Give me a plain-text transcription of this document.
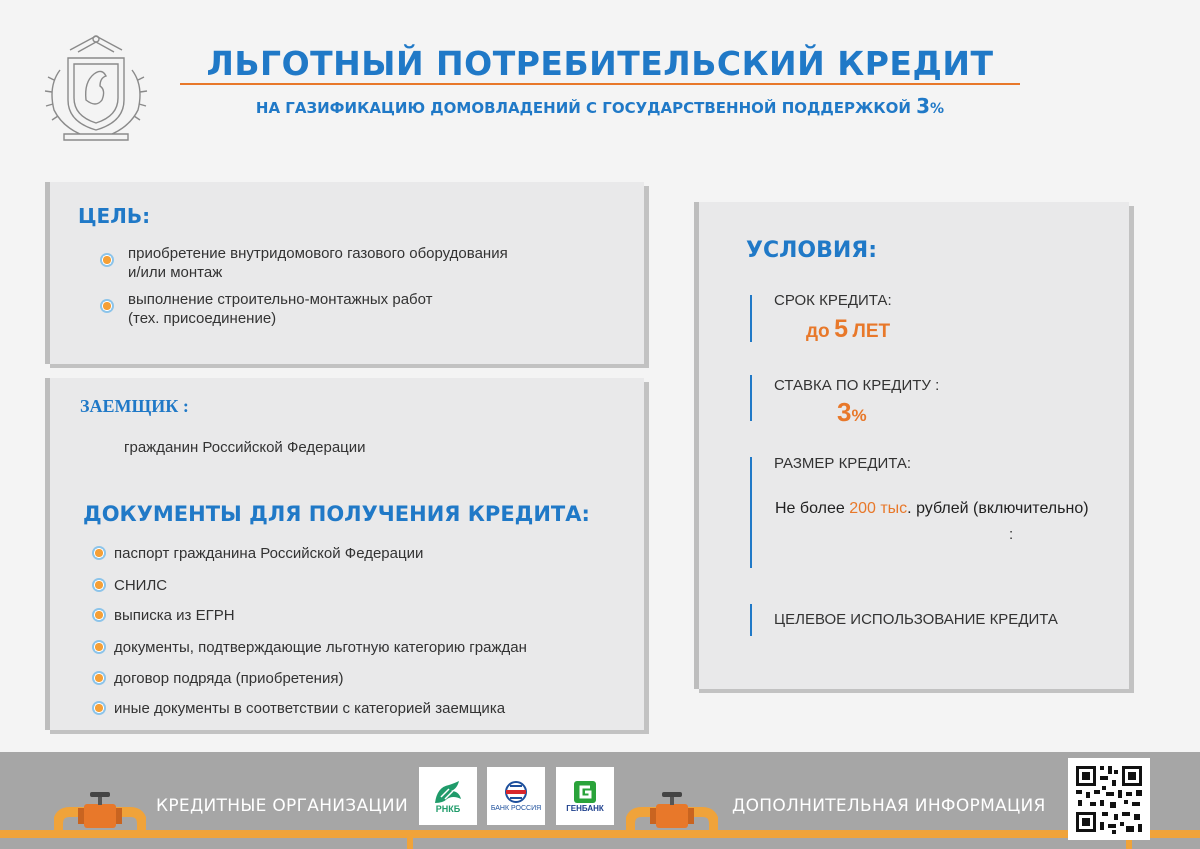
ЛЬГОТНЫЙ ПОТРЕБИТЕЛЬСКИЙ КРЕДИТ
НА ГАЗИФИКАЦИЮ ДОМОВЛАДЕНИЙ С ГОСУДАРСТВЕННОЙ ПОДДЕРЖКОЙ 3%
ЦЕЛЬ:
приобретение внутридомового газового оборудования
и/или монтаж
выполнение строительно-монтажных работ
(тех. присоединение)
ЗАЕМЩИК :
гражданин Российской Федерации
ДОКУМЕНТЫ ДЛЯ ПОЛУЧЕНИЯ КРЕДИТА:
паспорт гражданина Российской Федерации
СНИЛС
выписка из ЕГРН
документы, подтверждающие льготную категорию граждан
договор подряда (приобретения)
иные документы в соответствии с категорией заемщика
УСЛОВИЯ:
СРОК КРЕДИТА:
до 5 ЛЕТ
СТАВКА ПО КРЕДИТУ :
3%
РАЗМЕР КРЕДИТА:
Не более 200 тыс. рублей (включительно)
:
ЦЕЛЕВОЕ ИСПОЛЬЗОВАНИЕ КРЕДИТА
КРЕДИТНЫЕ ОРГАНИЗАЦИИ	РНКБ	БАНК РОССИЯ	ГЕНБАНК	ДОПОЛНИТЕЛЬНАЯ ИНФОРМАЦИЯ
